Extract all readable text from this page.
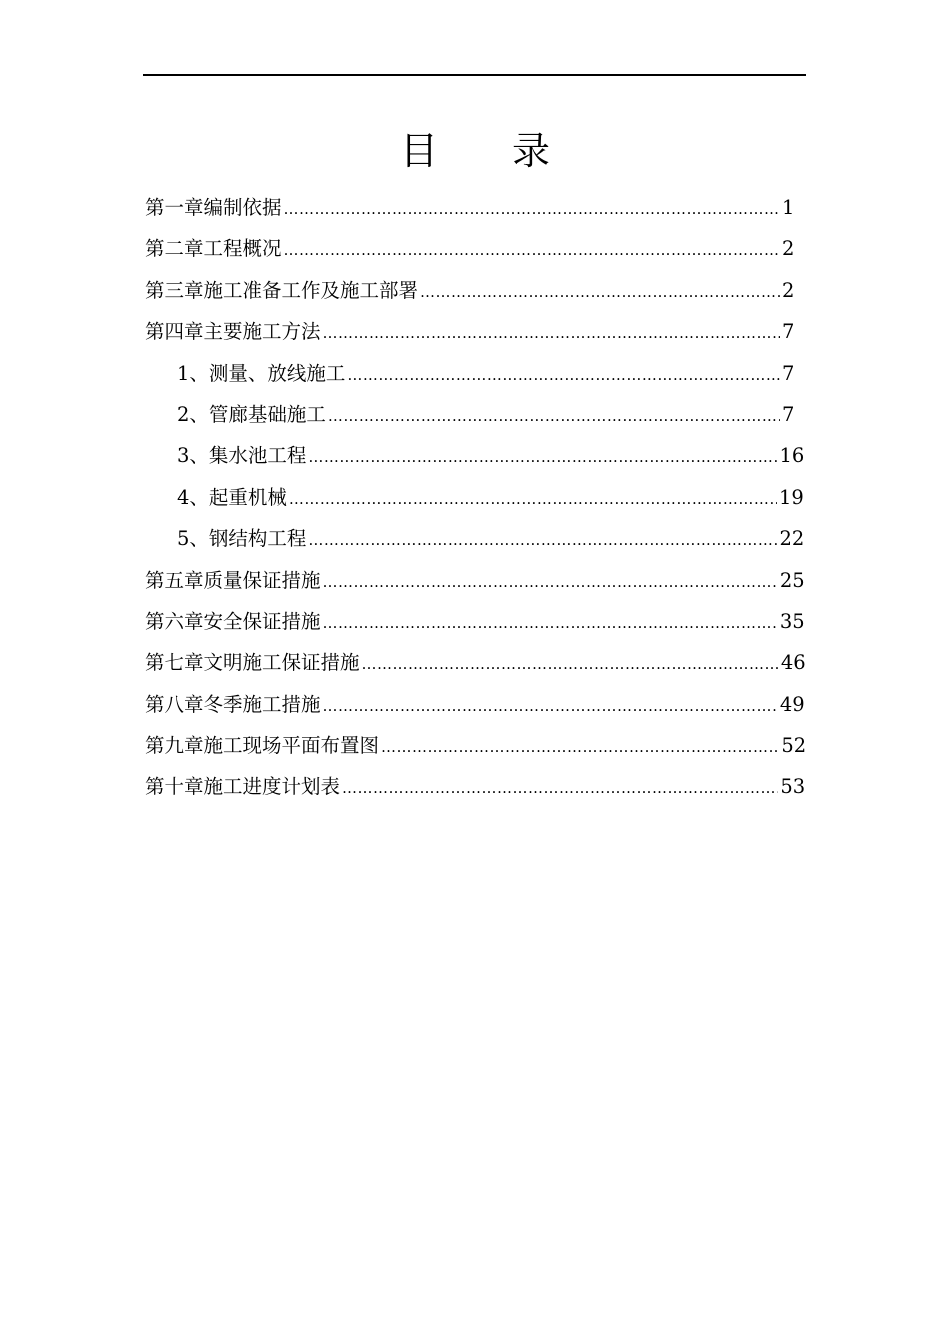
目 录
第一章 编制依据 ………………………………………………………………………………………………………………………………………………………………	1
第二章 工程概况 ………………………………………………………………………………………………………………………………………………………………	2
第三章 施工准备工作及施工部署 ………………………………………………………………………………………………………………………………………………………………	2
第四章 主要施工方法 ………………………………………………………………………………………………………………………………………………………………	7
1、测量、放线施工 ………………………………………………………………………………………………………………………………………………………………	7
2、管廊基础施工 ………………………………………………………………………………………………………………………………………………………………	7
3、集水池工程 ………………………………………………………………………………………………………………………………………………………………	16
4、起重机械 ………………………………………………………………………………………………………………………………………………………………	19
5、钢结构工程 ………………………………………………………………………………………………………………………………………………………………	22
第五章 质量保证措施 ………………………………………………………………………………………………………………………………………………………………	25
第六章 安全保证措施 ………………………………………………………………………………………………………………………………………………………………	35
第七章 文明施工保证措施 ………………………………………………………………………………………………………………………………………………………………	46
第八章 冬季施工措施 ………………………………………………………………………………………………………………………………………………………………	49
第九章 施工现场平面布置图 ………………………………………………………………………………………………………………………………………………………………	52
第十章 施工进度计划表 ………………………………………………………………………………………………………………………………………………………………	53
